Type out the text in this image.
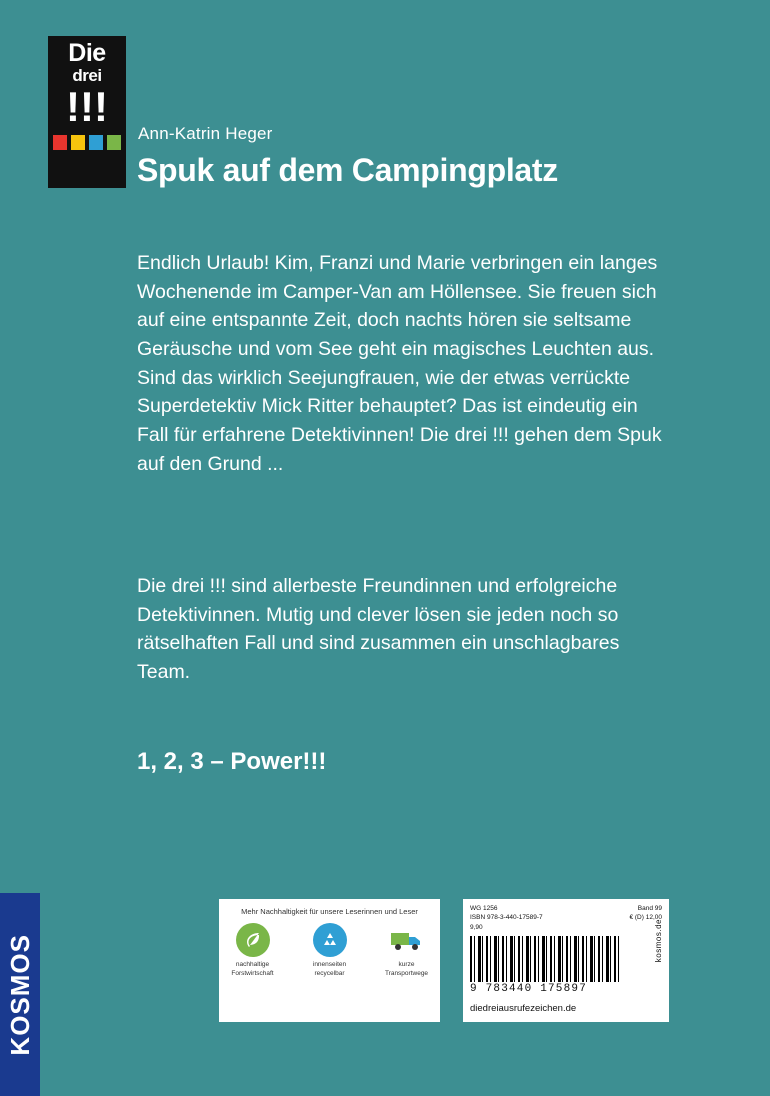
Die
drei
!!!
Ann-Katrin Heger
Spuk auf dem Campingplatz
Endlich Urlaub! Kim, Franzi und Marie verbringen ein langes Wochenende im Camper-Van am Höllensee. Sie freuen sich auf eine entspannte Zeit, doch nachts hören sie seltsame Geräusche und vom See geht ein magisches Leuchten aus. Sind das wirklich Seejungfrauen, wie der etwas verrückte Superdetektiv Mick Ritter behauptet? Das ist eindeutig ein Fall für erfahrene Detektivinnen! Die drei !!! gehen dem Spuk auf den Grund ...
Die drei !!! sind allerbeste Freundinnen und erfolgreiche Detektivinnen. Mutig und clever lösen sie jeden noch so rätselhaften Fall und sind zusammen ein unschlagbares Team.
1, 2, 3 – Power!!!
Mehr Nachhaltigkeit für unsere Leserinnen und Leser
nachhaltige Forstwirtschaft
innenseiten recycelbar
kurze Transportwege
WG 1256
ISBN 978-3-440-17589-7
9,90
Band 99
€ (D) 12,00
9 783440 175897
diedreiausrufezeichen.de
kosmos.de
KOSMOS
